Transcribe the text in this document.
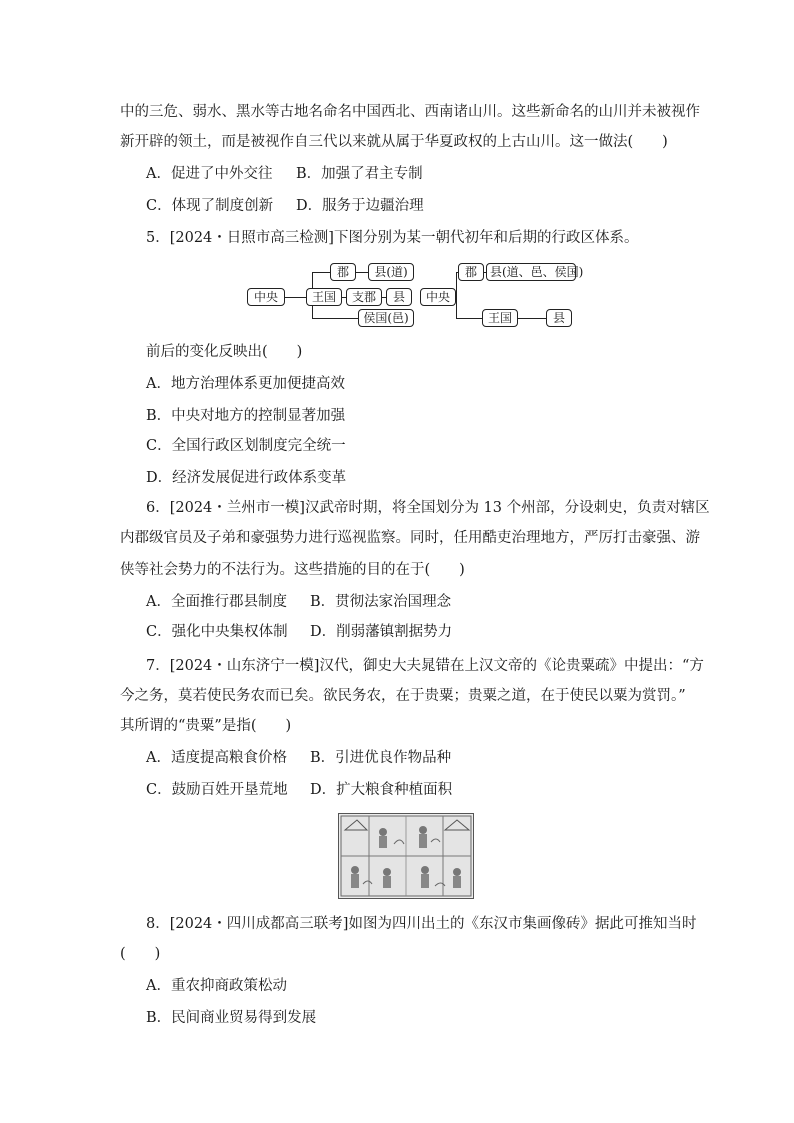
中的三危、弱水、黑水等古地名命名中国西北、西南诸山川。这些新命名的山川并未被视作
新开辟的领土，而是被视作自三代以来就从属于华夏政权的上古山川。这一做法(　　)
A．促进了中外交往 B．加强了君主专制
C．体现了制度创新 D．服务于边疆治理
5．[2024・日照市高三检测]下图分别为某一朝代初年和后期的行政区体系。
中央
郡	县(道)
王国	支郡	县
侯国(邑)
中央
郡	县(道、邑、侯国)
王国	县
前后的变化反映出(　　)
A．地方治理体系更加便捷高效
B．中央对地方的控制显著加强
C．全国行政区划制度完全统一
D．经济发展促进行政体系变革
6．[2024・兰州市一模]汉武帝时期，将全国划分为 13 个州部，分设刺史，负责对辖区
内郡级官员及子弟和豪强势力进行巡视监察。同时，任用酷吏治理地方，严厉打击豪强、游
侠等社会势力的不法行为。这些措施的目的在于(　　)
A．全面推行郡县制度 B．贯彻法家治国理念
C．强化中央集权体制 D．削弱藩镇割据势力
7．[2024・山东济宁一模]汉代，御史大夫晁错在上汉文帝的《论贵粟疏》中提出：“方
今之务，莫若使民务农而已矣。欲民务农，在于贵粟；贵粟之道，在于使民以粟为赏罚。”
其所谓的“贵粟”是指(　　)
A．适度提高粮食价格 B．引进优良作物品种
C．鼓励百姓开垦荒地 D．扩大粮食种植面积
8．[2024・四川成都高三联考]如图为四川出土的《东汉市集画像砖》据此可推知当时
(　　)
A．重农抑商政策松动
B．民间商业贸易得到发展
